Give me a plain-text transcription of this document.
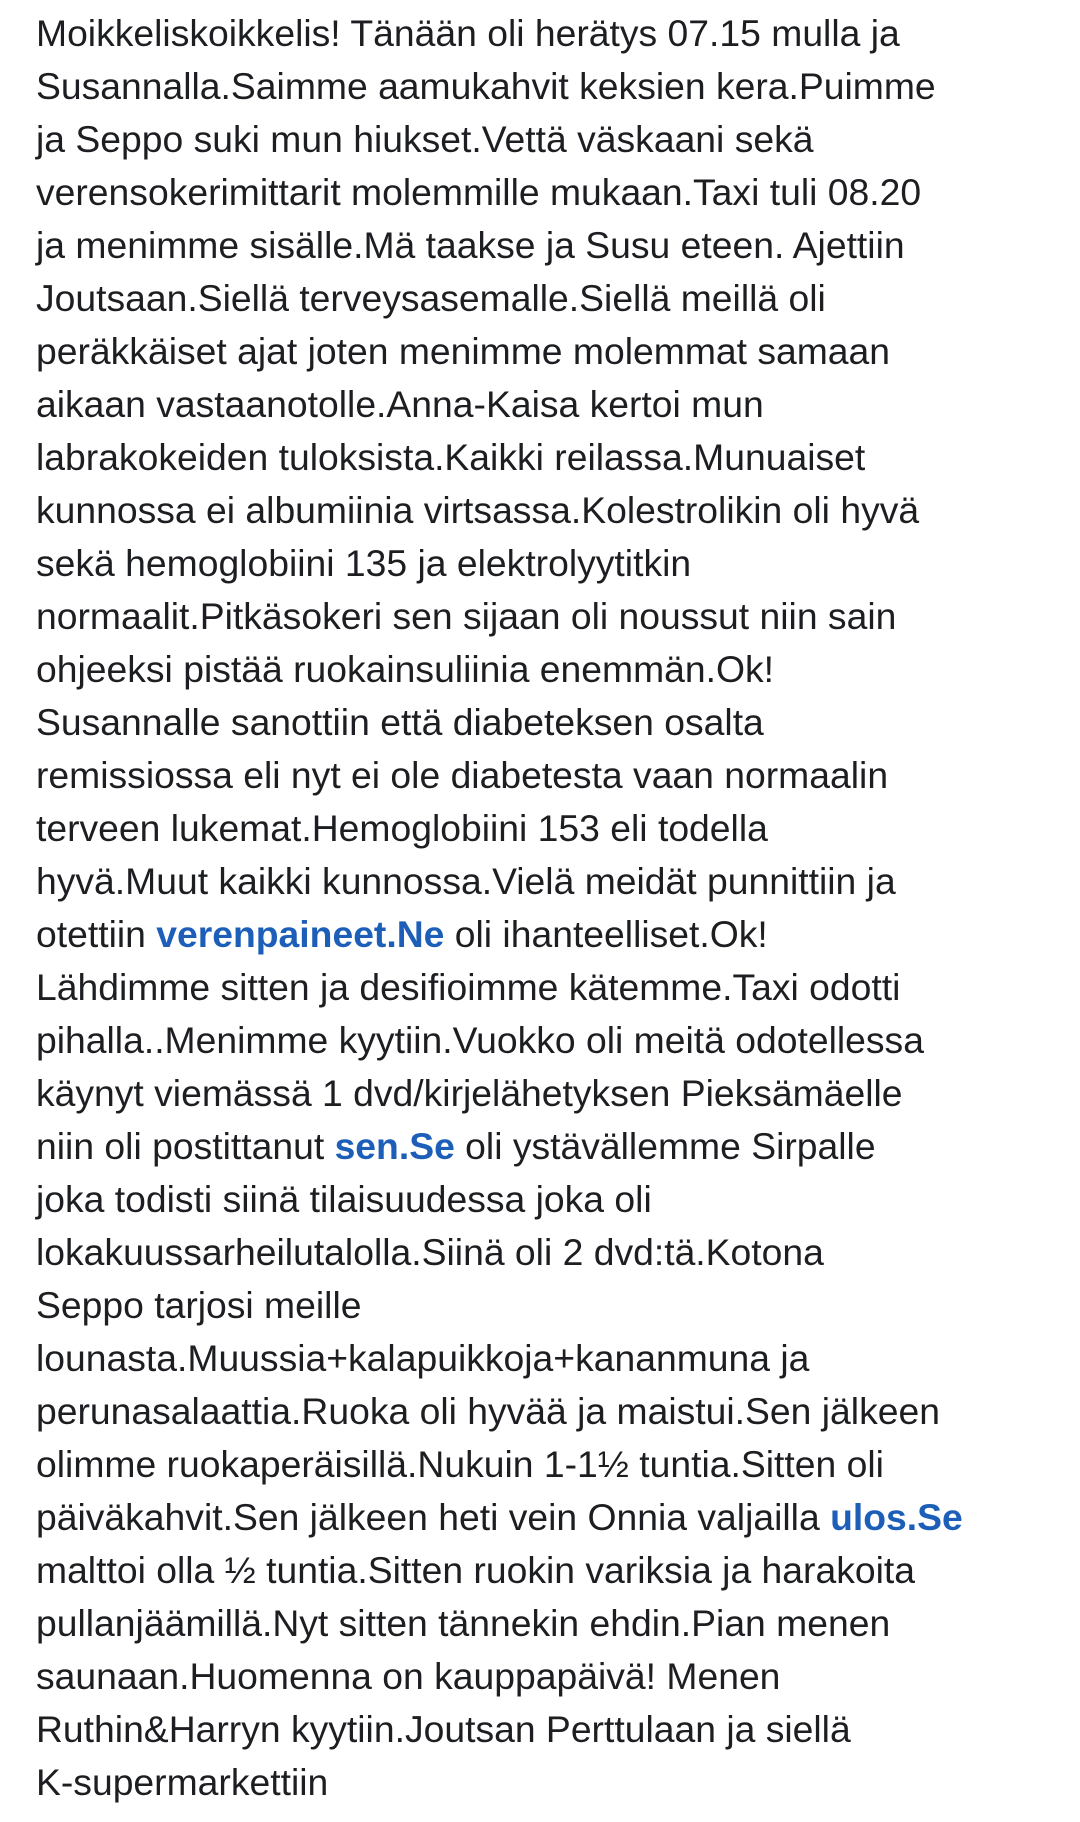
Moikkeliskoikkelis! Tänään oli herätys 07.15 mulla ja
Susannalla.Saimme aamukahvit keksien kera.Puimme
ja Seppo suki mun hiukset.Vettä väskaani sekä
verensokerimittarit molemmille mukaan.Taxi tuli 08.20
ja menimme sisälle.Mä taakse ja Susu eteen. Ajettiin
Joutsaan.Siellä terveysasemalle.Siellä meillä oli
peräkkäiset ajat joten menimme molemmat samaan
aikaan vastaanotolle.Anna-Kaisa kertoi mun
labrakokeiden tuloksista.Kaikki reilassa.Munuaiset
kunnossa ei albumiinia virtsassa.Kolestrolikin oli hyvä
sekä hemoglobiini 135 ja elektrolyytitkin
normaalit.Pitkäsokeri sen sijaan oli noussut niin sain
ohjeeksi pistää ruokainsuliinia enemmän.Ok!
Susannalle sanottiin että diabeteksen osalta
remissiossa eli nyt ei ole diabetesta vaan normaalin
terveen lukemat.Hemoglobiini 153 eli todella
hyvä.Muut kaikki kunnossa.Vielä meidät punnittiin ja
otettiin verenpaineet.Ne oli ihanteelliset.Ok!
Lähdimme sitten ja desifioimme kätemme.Taxi odotti
pihalla..Menimme kyytiin.Vuokko oli meitä odotellessa
käynyt viemässä 1 dvd/kirjelähetyksen Pieksämäelle
niin oli postittanut sen.Se oli ystävällemme Sirpalle
joka todisti siinä tilaisuudessa joka oli
lokakuussarheilutalolla.Siinä oli 2 dvd:tä.Kotona
Seppo tarjosi meille
lounasta.Muussia+kalapuikkoja+kananmuna ja
perunasalaattia.Ruoka oli hyvää ja maistui.Sen jälkeen
olimme ruokaperäisillä.Nukuin 1-1½ tuntia.Sitten oli
päiväkahvit.Sen jälkeen heti vein Onnia valjailla ulos.Se
malttoi olla ½ tuntia.Sitten ruokin variksia ja harakoita
pullanjäämillä.Nyt sitten tännekin ehdin.Pian menen
saunaan.Huomenna on kauppapäivä! Menen
Ruthin&Harryn kyytiin.Joutsan Perttulaan ja siellä
K-supermarkettiin
